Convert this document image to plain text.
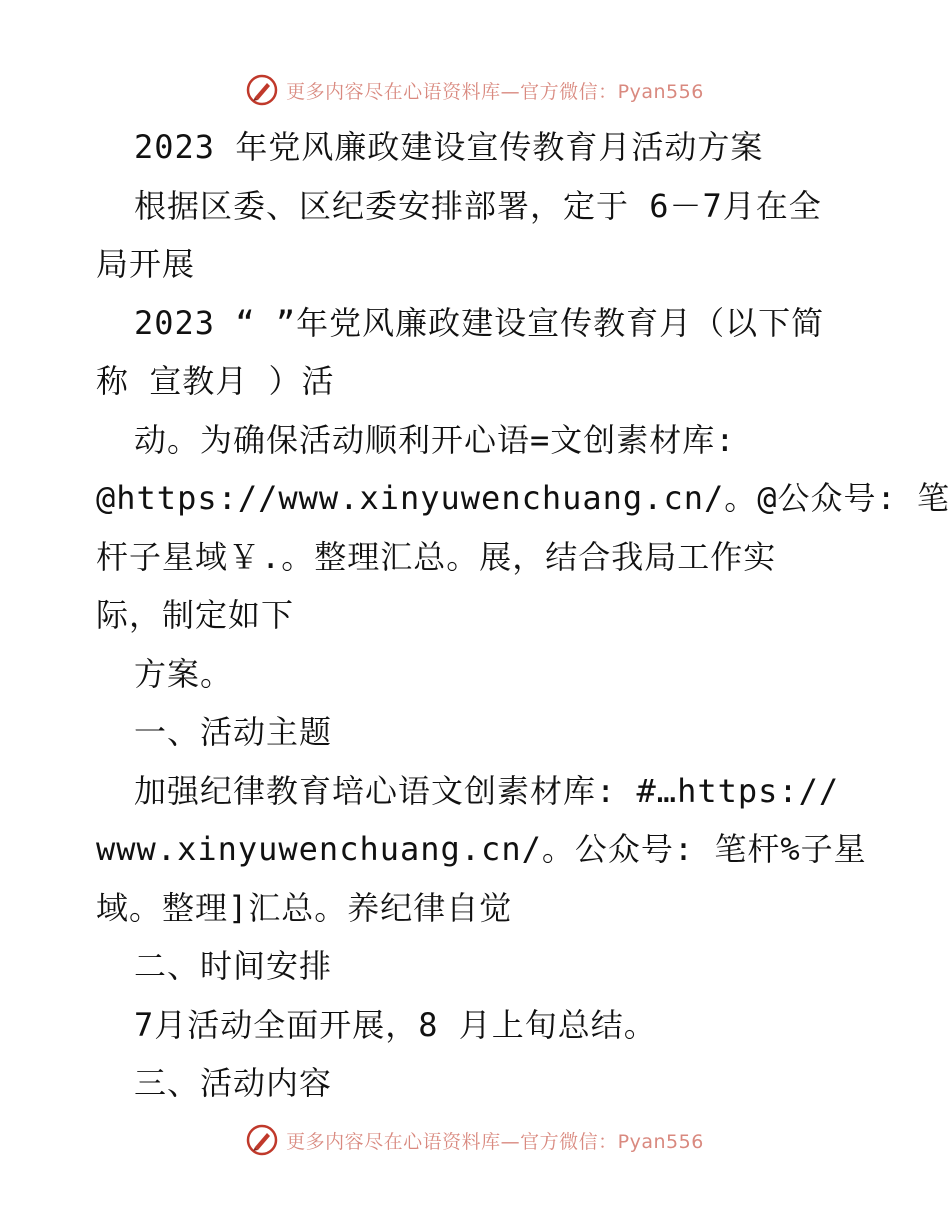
更多内容尽在心语资料库—官方微信：Pyan556
2023 年党风廉政建设宣传教育月活动方案
根据区委、区纪委安排部署，定于 6－7月在全
局开展
2023 “ ”年党风廉政建设宣传教育月（以下简
称 宣教月 ）活
动。为确保活动顺利开心语=文创素材库:
@https://www.xinyuwenchuang.cn/。@公众号: 笔
杆子星域￥.。整理汇总。展，结合我局工作实
际，制定如下
方案。
一、活动主题
加强纪律教育培心语文创素材库: #…https://
www.xinyuwenchuang.cn/。公众号: 笔杆%子星
域。整理]汇总。养纪律自觉
二、时间安排
7月活动全面开展，8 月上旬总结。
三、活动内容
更多内容尽在心语资料库—官方微信：Pyan556
